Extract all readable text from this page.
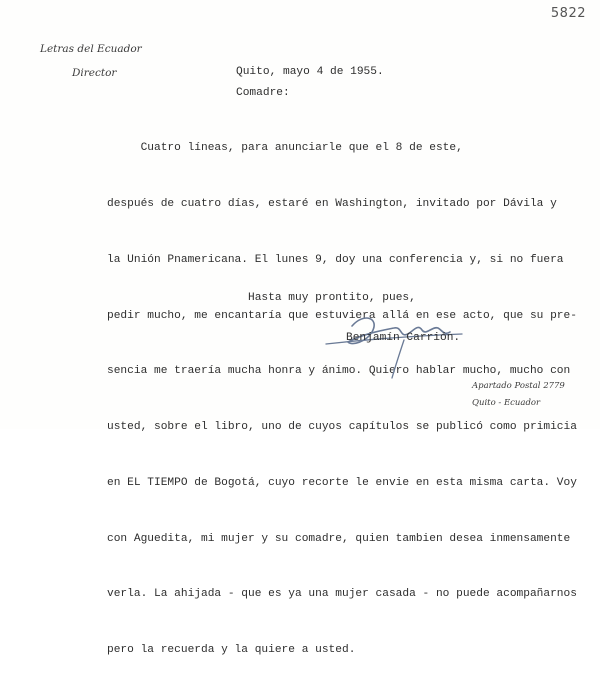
5822
Letras del Ecuador
Director	Quito, mayo 4 de 1955.
Comadre:

Cuatro líneas, para anunciarle que el 8 de este,

después de cuatro días, estaré en Washington, invitado por Dávila y

la Unión Pnamericana. El lunes 9, doy una conferencia y, si no fuera

pedir mucho, me encantaría que estuviera allá en ese acto, que su pre-

sencia me traería mucha honra y ánimo. Quiero hablar mucho, mucho con

usted, sobre el libro, uno de cuyos capítulos se publicó como primicia

en EL TIEMPO de Bogotá, cuyo recorte le envie en esta misma carta. Voy

con Aguedita, mi mujer y su comadre, quien tambien desea inmensamente

verla. La ahijada - que es ya una mujer casada - no puede acompañarnos

pero la recuerda y la quiere a usted.

Hasta muy prontito, pues,
Benjamín Carrión.
Apartado Postal 2779
Quito - Ecuador
